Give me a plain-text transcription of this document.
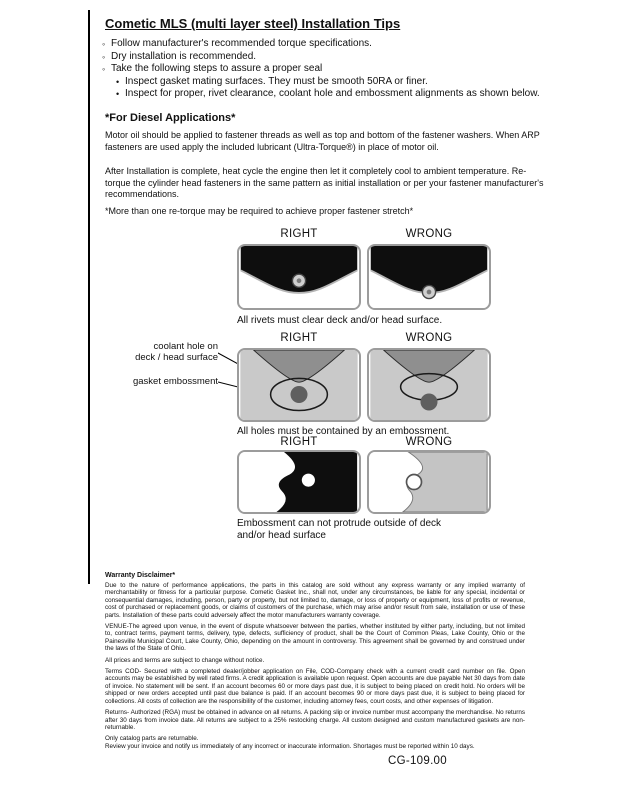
Cometic MLS (multi layer steel) Installation Tips
◦ Follow manufacturer's recommended torque specifications.
◦ Dry installation is recommended.
◦ Take the following steps to assure a proper seal
• Inspect gasket mating surfaces. They must be smooth 50RA or finer.
• Inspect for proper, rivet clearance, coolant hole and embossment alignments as shown below.
*For Diesel Applications*
Motor oil should be applied to fastener threads as well as top and bottom of the fastener washers. When ARP fasteners are used apply the included lubricant (Ultra-Torque®) in place of motor oil.
After Installation is complete, heat cycle the engine then let it completely cool to ambient temperature. Re-torque the cylinder head fasteners in the same pattern as initial installation or per your fastener manufacturer's recommendations.
*More than one re-torque may be required to achieve proper fastener stretch*
RIGHT	WRONG
All rivets must clear deck and/or head surface.
RIGHT	WRONG
coolant hole on
deck / head surface
gasket embossment
All holes must be contained by an embossment.
RIGHT	WRONG
Embossment can not protrude outside of deck and/or head surface
Warranty Disclaimer*

Due to the nature of performance applications, the parts in this catalog are sold without any express warranty or any implied warranty of merchantability or fitness for a particular purpose. Cometic Gasket Inc., shall not, under any circumstances, be liable for any special, incidental or consequential damages, including, person, party or property, but not limited to, damage, or loss of property or equipment, loss of profits or revenue, cost of purchased or replacement goods, or claims of customers of the purchase, which may arise and/or result from sale, installation or use of these parts. Installation of these parts could adversely affect the motor manufacturers warranty coverage.

VENUE-The agreed upon venue, in the event of dispute whatsoever between the parties, whether instituted by either party, including, but not limited to, contract terms, payment terms, delivery, type, defects, sufficiency of product, shall be the Court of Common Pleas, Lake County, Ohio or the Painesville Municipal Court, Lake County, Ohio, depending on the amount in controversy. This agreement shall be governed by and construed under the laws of the State of Ohio.

All prices and terms are subject to change without notice.

Terms COD- Secured with a completed dealer/jobber application on File, COD-Company check with a current credit card number on file. Open accounts may be established by well rated firms. A credit application is available upon request. Open accounts are due payable Net 30 days from date of invoice. No statement will be sent. If an account becomes 60 or more days past due, it is subject to being placed on credit hold. No orders will be shipped or new orders accepted until past due balance is paid. If an account becomes 90 or more days past due, it is subject to being placed for collections. All costs of collection are the responsibility of the customer, including attorney fees, court costs, and other expenses of litigation.

Returns- Authorized (RGA) must be obtained in advance on all returns. A packing slip or invoice number must accompany the merchandise. No returns after 30 days from invoice date. All returns are subject to a 25% restocking charge. All custom designed and custom manufactured gaskets are non-returnable.

Only catalog parts are returnable.

Review your invoice and notify us immediately of any incorrect or inaccurate information. Shortages must be reported within 10 days.

CG-109.00
